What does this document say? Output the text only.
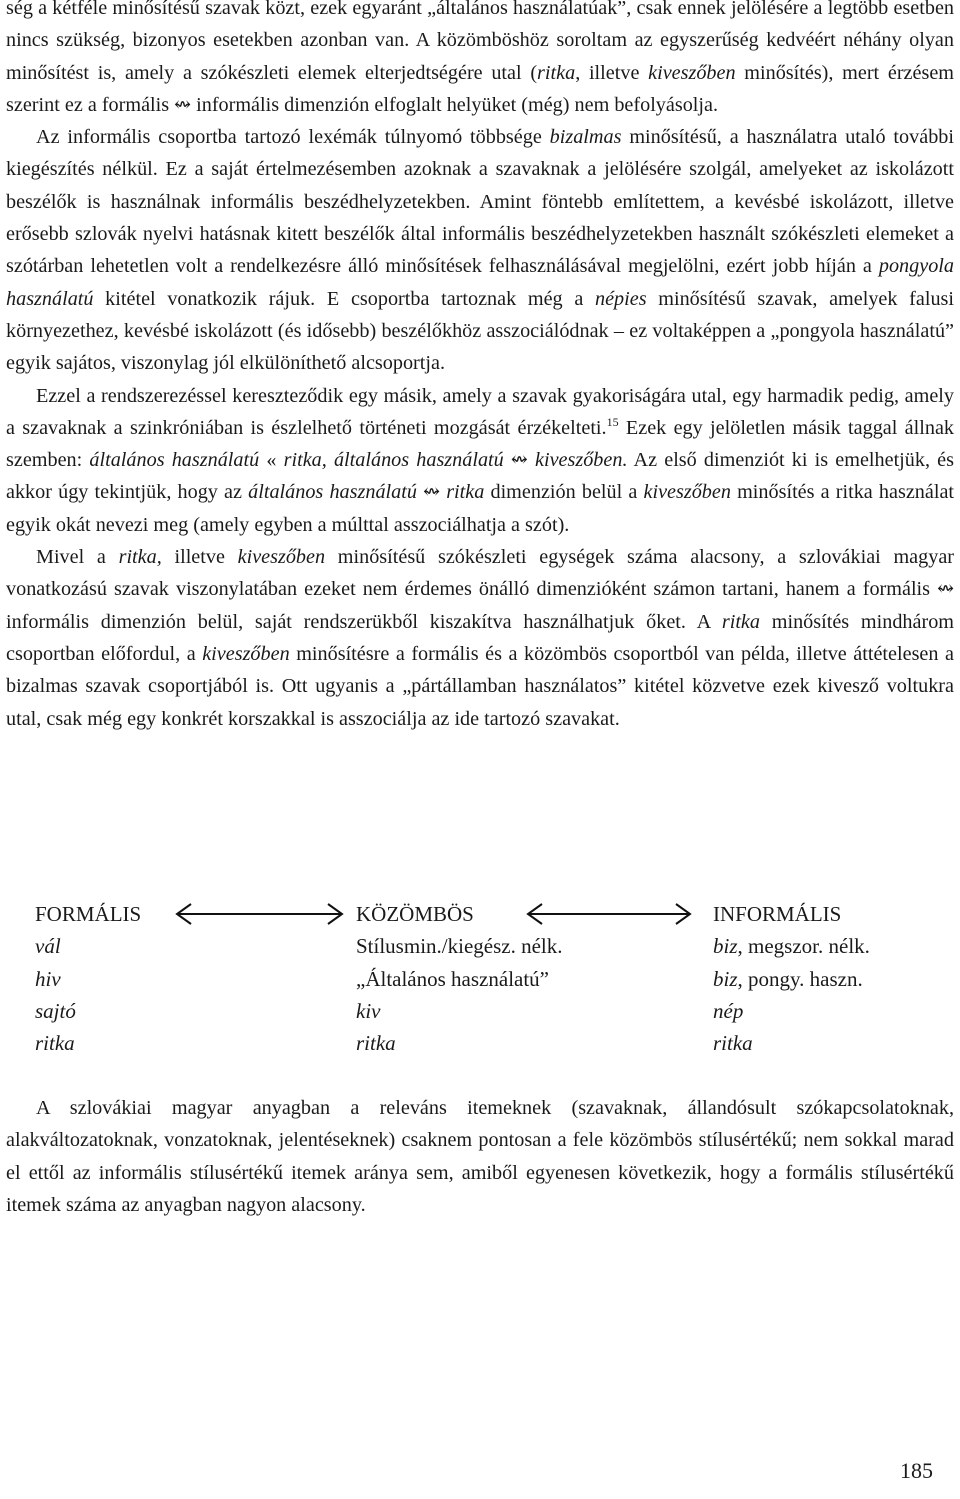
ség a kétféle minősítésű szavak közt, ezek egyaránt „általános használatúak”, csak ennek jelölésére a legtöbb esetben nincs szükség, bizonyos esetekben azonban van. A közömböshöz soroltam az egyszerűség kedvéért néhány olyan minősítést is, amely a szókészleti elemek elterjedtségére utal (ritka, illetve kiveszőben minősítés), mert érzésem szerint ez a formális ↭ informális dimenzión elfoglalt helyüket (még) nem befolyásolja.

Az informális csoportba tartozó lexémák túlnyomó többsége bizalmas minősítésű, a használatra utaló további kiegészítés nélkül. Ez a saját értelmezésemben azoknak a szavaknak a jelölésére szolgál, amelyeket az iskolázott beszélők is használnak informális beszédhelyzetekben. Amint föntebb említettem, a kevésbé iskolázott, illetve erősebb szlovák nyelvi hatásnak kitett beszélők által informális beszédhelyzetekben használt szókészleti elemeket a szótárban lehetetlen volt a rendelkezésre álló minősítések felhasználásával megjelölni, ezért jobb híján a pongyola használatú kitétel vonatkozik rájuk. E csoportba tartoznak még a népies minősítésű szavak, amelyek falusi környezethez, kevésbé iskolázott (és idősebb) beszélőkhöz asszociálódnak – ez voltaképpen a „pongyola használatú” egyik sajátos, viszonylag jól elkülöníthető alcsoportja.

Ezzel a rendszerezéssel kereszteződik egy másik, amely a szavak gyakoriságára utal, egy harmadik pedig, amely a szavaknak a szinkróniában is észlelhető történeti mozgását érzékelteti.$^{15}$ Ezek egy jelöletlen másik taggal állnak szemben: általános használatú « ritka, általános használatú ↭ kiveszőben. Az első dimenziót ki is emelhetjük, és akkor úgy tekintjük, hogy az általános használatú ↭ ritka dimenzión belül a kiveszőben minősítés a ritka használat egyik okát nevezi meg (amely egyben a múlttal asszociálhatja a szót).

Mivel a ritka, illetve kiveszőben minősítésű szókészleti egységek száma alacsony, a szlovákiai magyar vonatkozású szavak viszonylatában ezeket nem érdemes önálló dimenzióként számon tartani, hanem a formális ↭ informális dimenzión belül, saját rendszerükből kiszakítva használhatjuk őket. A ritka minősítés mindhárom csoportban előfordul, a kiveszőben minősítésre a formális és a közömbös csoportból van példa, illetve áttételesen a bizalmas szavak csoportjából is. Ott ugyanis a „pártállamban használatos” kitétel közvetve ezek kivesző voltukra utal, csak még egy konkrét korszakkal is asszociálja az ide tartozó szavakat.

FORMÁLIS
vál
hiv
sajtó
ritka
KÖZÖMBÖS
Stílusmin./kiegész. nélk.
„Általános használatú”
kiv
ritka
INFORMÁLIS
biz, megszor. nélk.
biz, pongy. haszn.
nép
ritka

A szlovákiai magyar anyagban a releváns itemeknek (szavaknak, állandósult szókapcsolatoknak, alakváltozatoknak, vonzatoknak, jelentéseknek) csaknem pontosan a fele közömbös stílusértékű; nem sokkal marad el ettől az informális stílusértékű itemek aránya sem, amiből egyenesen következik, hogy a formális stílusértékű itemek száma az anyagban nagyon alacsony.

185
